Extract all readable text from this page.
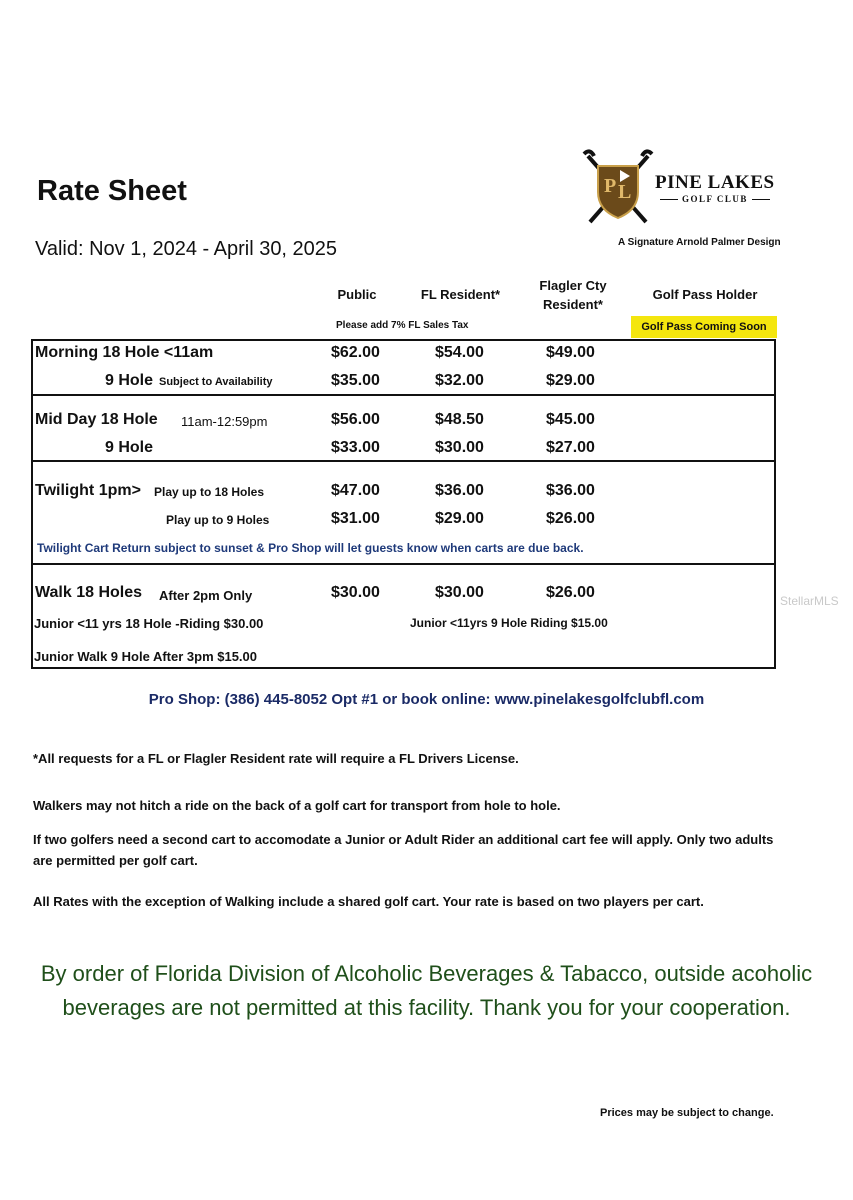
Rate Sheet
Valid: Nov 1, 2024 - April 30, 2025
P L PINE LAKES
GOLF CLUB
A Signature Arnold Palmer Design
Public	FL Resident*
Flagler Cty
Resident*
Golf Pass Holder
Please add 7% FL Sales Tax	Golf Pass Coming Soon
Morning 18 Hole <11am	$62.00	$54.00	$49.00
9 Hole Subject to Availability	$35.00	$32.00	$29.00
Mid Day 18 Hole 11am-12:59pm	$56.00	$48.50	$45.00
9 Hole	$33.00	$30.00	$27.00
Twilight 1pm> Play up to 18 Holes	$47.00	$36.00	$36.00
Play up to 9 Holes	$31.00	$29.00	$26.00
Twilight Cart Return subject to sunset & Pro Shop will let guests know when carts are due back.
Walk 18 Holes After 2pm Only	$30.00	$30.00	$26.00
Junior <11 yrs 18 Hole -Riding $30.00	Junior <11yrs 9 Hole Riding $15.00
Junior Walk 9 Hole After 3pm $15.00
StellarMLS
Pro Shop: (386) 445-8052 Opt #1 or book online: www.pinelakesgolfclubfl.com
*All requests for a FL or Flagler Resident rate will require a FL Drivers License.
Walkers may not hitch a ride on the back of a golf cart for transport from hole to hole.
If two golfers need a second cart to accomodate a Junior or Adult Rider an additional cart fee will apply. Only two adults are permitted per golf cart.
All Rates with the exception of Walking include a shared golf cart. Your rate is based on two players per cart.
By order of Florida Division of Alcoholic Beverages & Tabacco, outside acoholic beverages are not permitted at this facility. Thank you for your cooperation.
Prices may be subject to change.
